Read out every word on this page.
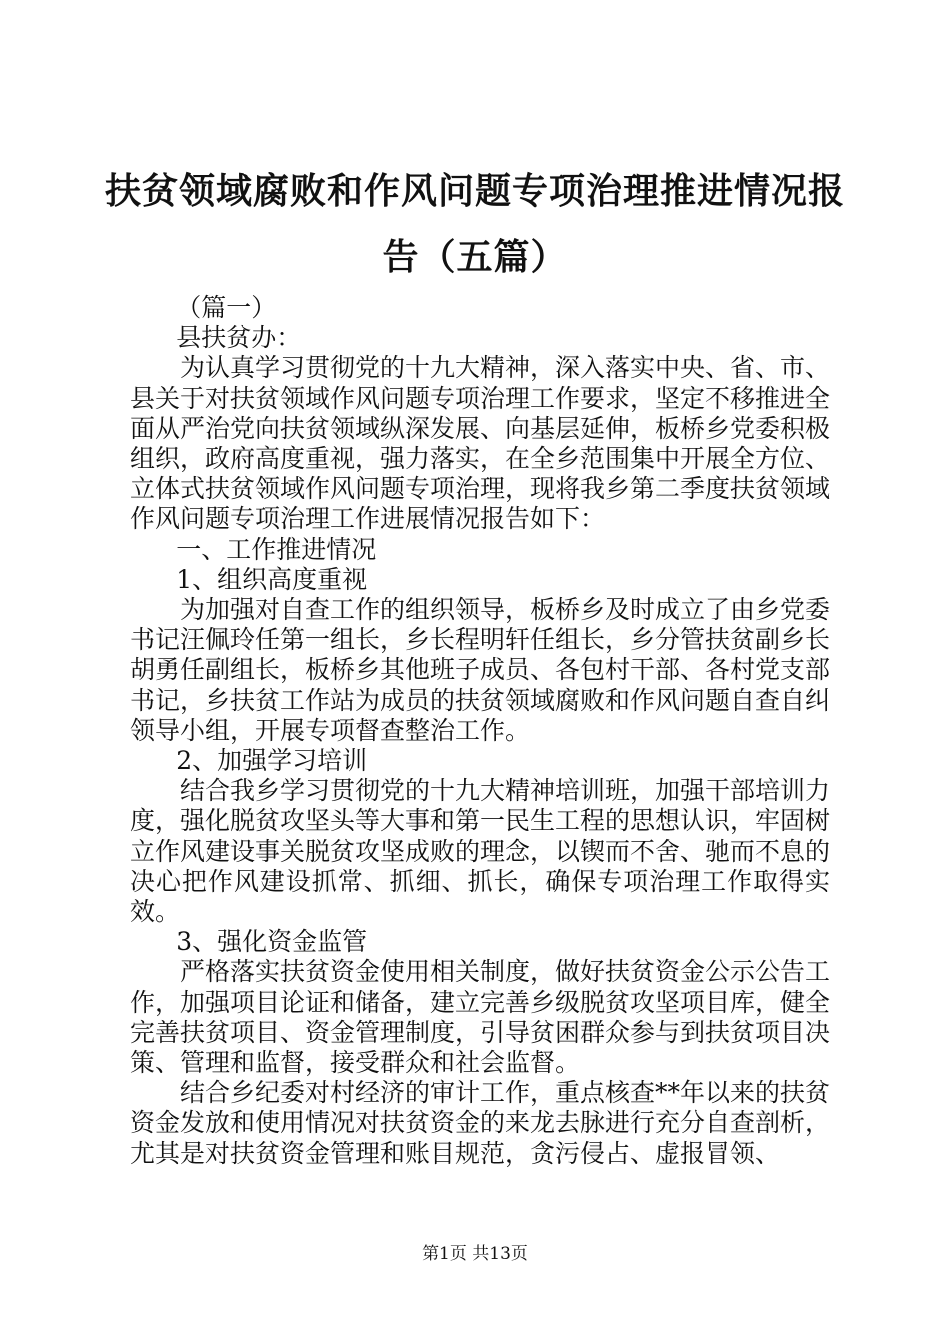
扶贫领域腐败和作风问题专项治理推进情况报
告（五篇）

（篇一）

县扶贫办：

为认真学习贯彻党的十九大精神，深入落实中央、省、市、县关于对扶贫领域作风问题专项治理工作要求，坚定不移推进全面从严治党向扶贫领域纵深发展、向基层延伸，板桥乡党委积极组织，政府高度重视，强力落实，在全乡范围集中开展全方位、立体式扶贫领域作风问题专项治理，现将我乡第二季度扶贫领域作风问题专项治理工作进展情况报告如下：

一、工作推进情况

1、组织高度重视

为加强对自查工作的组织领导，板桥乡及时成立了由乡党委书记汪佩玲任第一组长，乡长程明轩任组长，乡分管扶贫副乡长胡勇任副组长，板桥乡其他班子成员、各包村干部、各村党支部书记，乡扶贫工作站为成员的扶贫领域腐败和作风问题自查自纠领导小组，开展专项督查整治工作。

2、加强学习培训

结合我乡学习贯彻党的十九大精神培训班，加强干部培训力度，强化脱贫攻坚头等大事和第一民生工程的思想认识，牢固树立作风建设事关脱贫攻坚成败的理念，以锲而不舍、驰而不息的决心把作风建设抓常、抓细、抓长，确保专项治理工作取得实效。

3、强化资金监管

严格落实扶贫资金使用相关制度，做好扶贫资金公示公告工作，加强项目论证和储备，建立完善乡级脱贫攻坚项目库，健全完善扶贫项目、资金管理制度，引导贫困群众参与到扶贫项目决策、管理和监督，接受群众和社会监督。

结合乡纪委对村经济的审计工作，重点核查**年以来的扶贫资金发放和使用情况对扶贫资金的来龙去脉进行充分自查剖析，尤其是对扶贫资金管理和账目规范，贪污侵占、虚报冒领、

第1页 共13页
